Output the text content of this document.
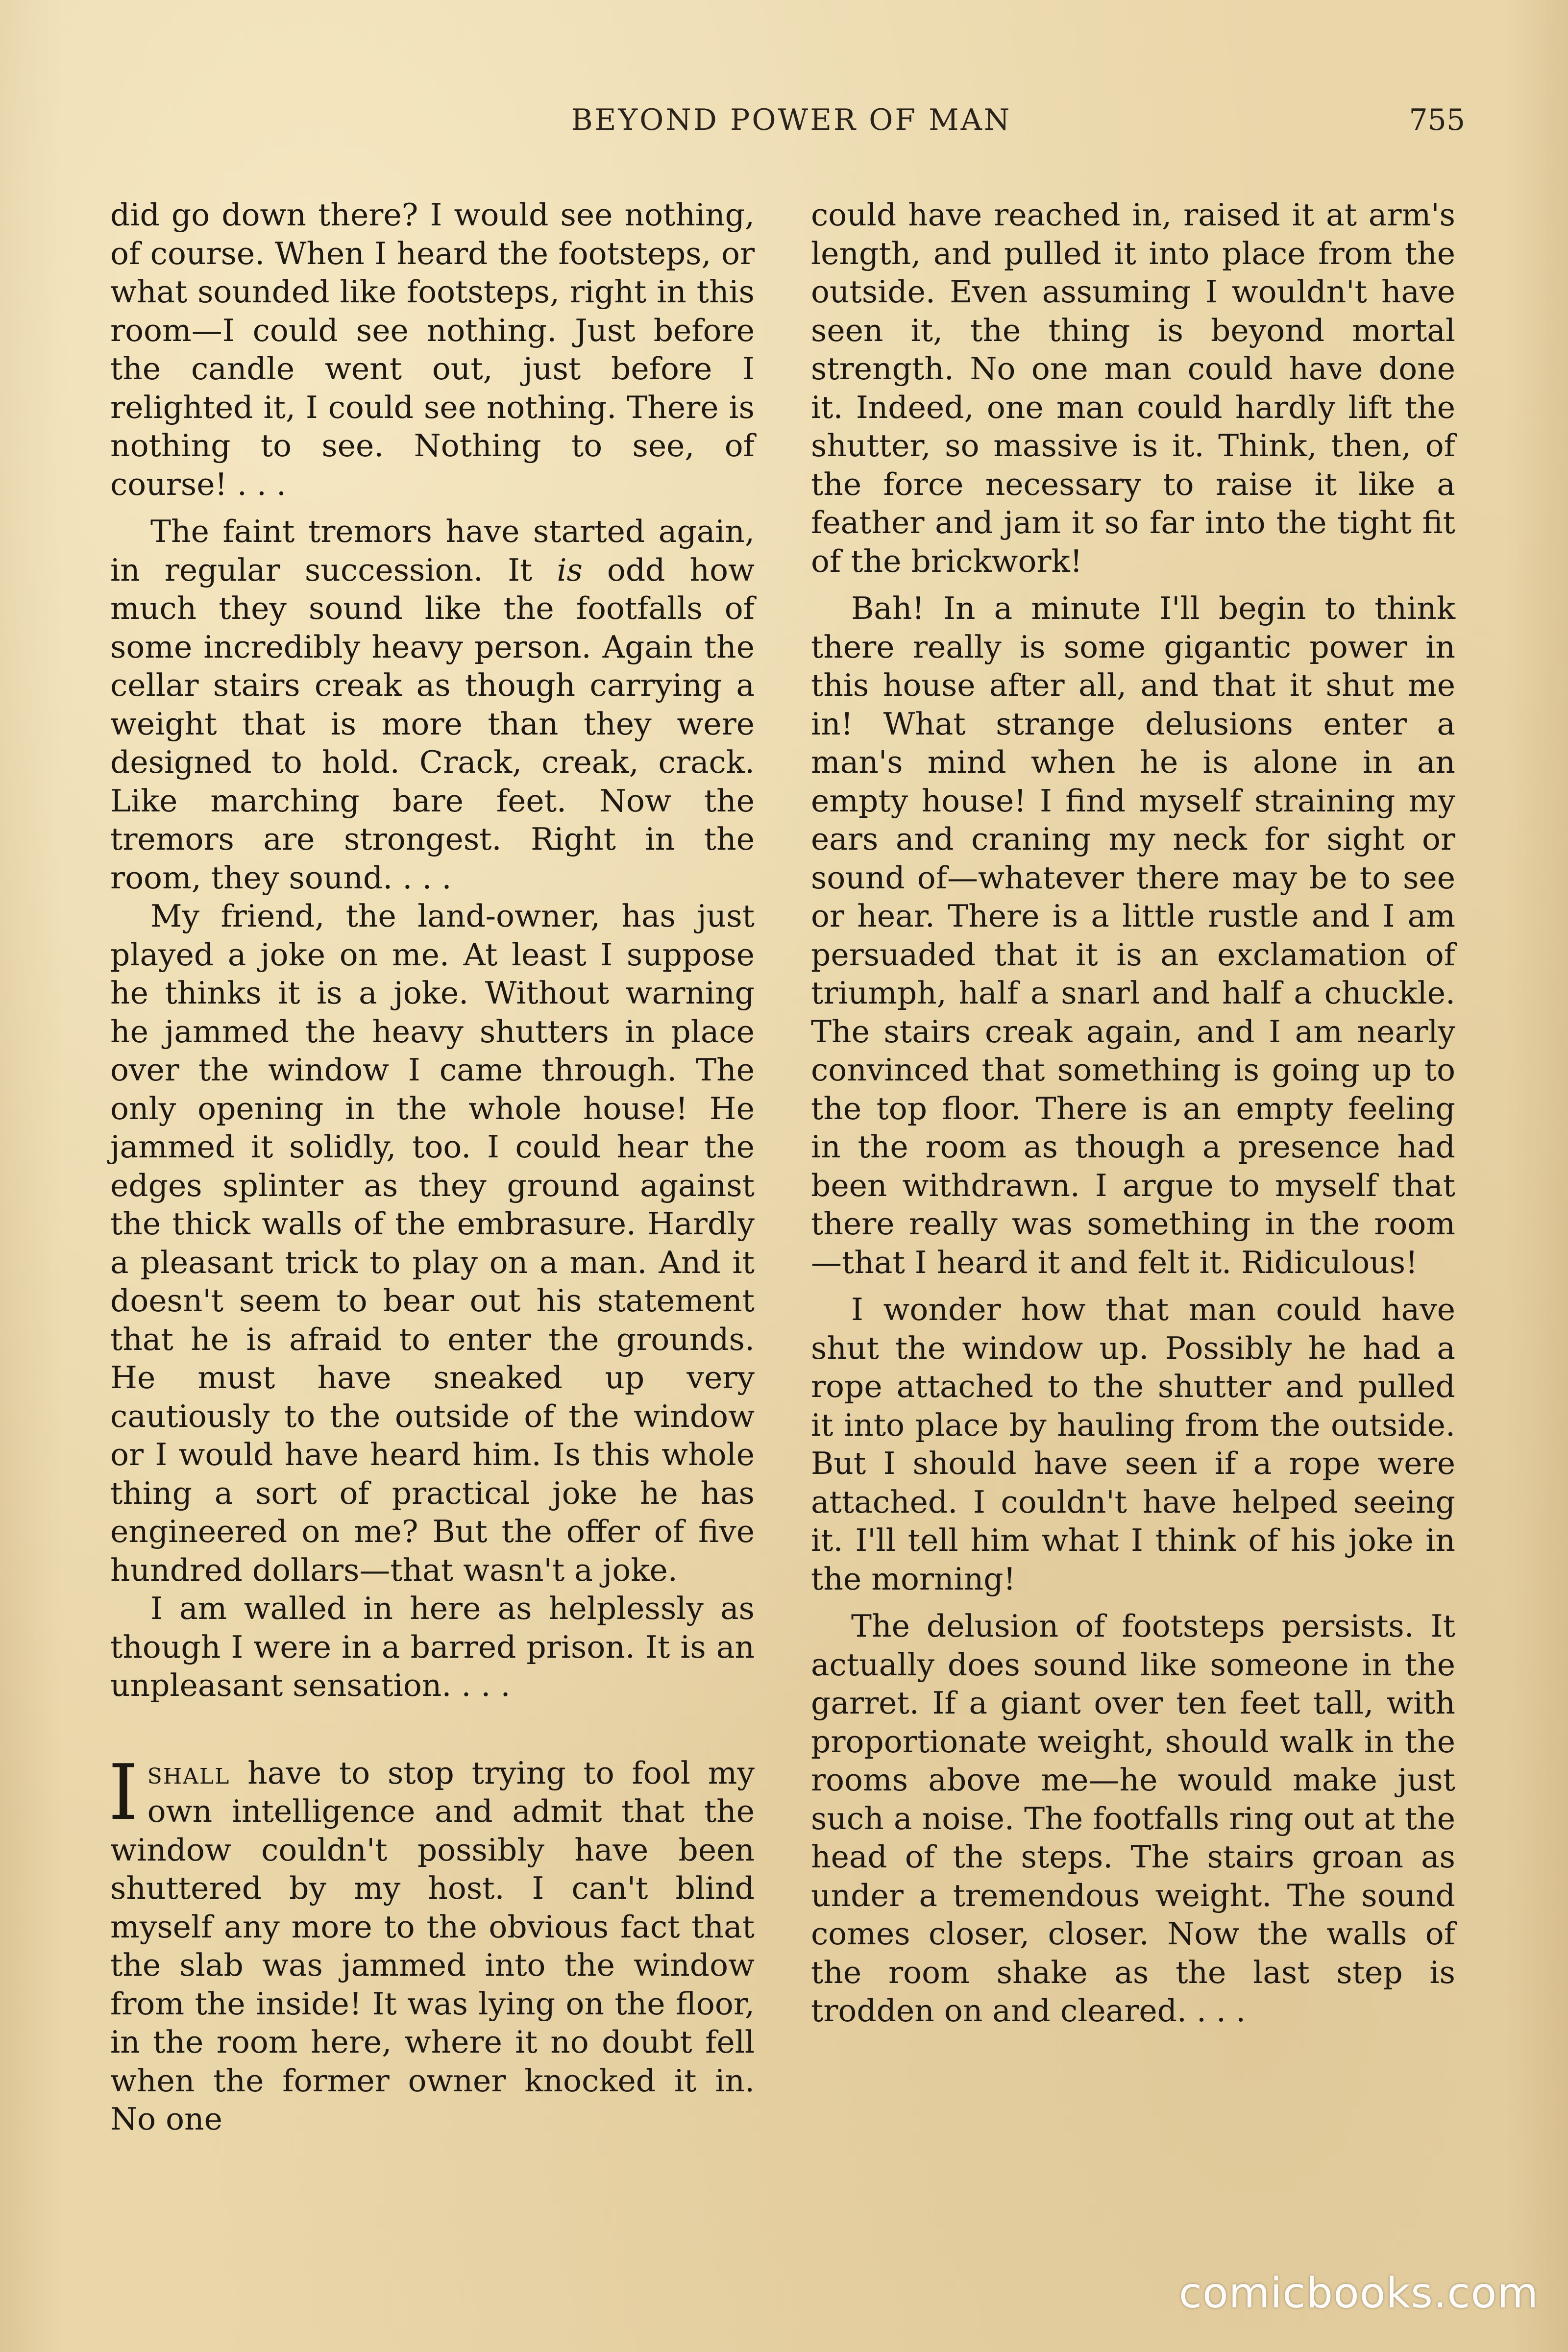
BEYOND POWER OF MAN	755

did go down there? I would see nothing, of course. When I heard the footsteps, or what sounded like footsteps, right in this room—I could see nothing. Just before the candle went out, just before I relighted it, I could see nothing. There is nothing to see. Nothing to see, of course! . . .

The faint tremors have started again, in regular succession. It is odd how much they sound like the footfalls of some incredibly heavy person. Again the cellar stairs creak as though carrying a weight that is more than they were designed to hold. Crack, creak, crack. Like marching bare feet. Now the tremors are strongest. Right in the room, they sound. . . .

My friend, the land-owner, has just played a joke on me. At least I suppose he thinks it is a joke. Without warning he jammed the heavy shutters in place over the window I came through. The only opening in the whole house! He jammed it solidly, too. I could hear the edges splinter as they ground against the thick walls of the embrasure. Hardly a pleasant trick to play on a man. And it doesn't seem to bear out his statement that he is afraid to enter the grounds. He must have sneaked up very cautiously to the outside of the window or I would have heard him. Is this whole thing a sort of practical joke he has engineered on me? But the offer of five hundred dollars—that wasn't a joke.

I am walled in here as helplessly as though I were in a barred prison. It is an unpleasant sensation. . . .

Ishall have to stop trying to fool my own intelligence and admit that the window couldn't possibly have been shuttered by my host. I can't blind myself any more to the obvious fact that the slab was jammed into the window from the inside! It was lying on the floor, in the room here, where it no doubt fell when the former owner knocked it in. No one

could have reached in, raised it at arm's length, and pulled it into place from the outside. Even assuming I wouldn't have seen it, the thing is beyond mortal strength. No one man could have done it. Indeed, one man could hardly lift the shutter, so massive is it. Think, then, of the force necessary to raise it like a feather and jam it so far into the tight fit of the brickwork!

Bah! In a minute I'll begin to think there really is some gigantic power in this house after all, and that it shut me in! What strange delusions enter a man's mind when he is alone in an empty house! I find myself straining my ears and craning my neck for sight or sound of—whatever there may be to see or hear. There is a little rustle and I am persuaded that it is an exclamation of triumph, half a snarl and half a chuckle. The stairs creak again, and I am nearly convinced that something is going up to the top floor. There is an empty feeling in the room as though a presence had been withdrawn. I argue to myself that there really was something in the room—that I heard it and felt it. Ridiculous!

I wonder how that man could have shut the window up. Possibly he had a rope attached to the shutter and pulled it into place by hauling from the outside. But I should have seen if a rope were attached. I couldn't have helped seeing it. I'll tell him what I think of his joke in the morning!

The delusion of footsteps persists. It actually does sound like someone in the garret. If a giant over ten feet tall, with proportionate weight, should walk in the rooms above me—he would make just such a noise. The footfalls ring out at the head of the steps. The stairs groan as under a tremendous weight. The sound comes closer, closer. Now the walls of the room shake as the last step is trodden on and cleared. . . .

comicbooks.com
